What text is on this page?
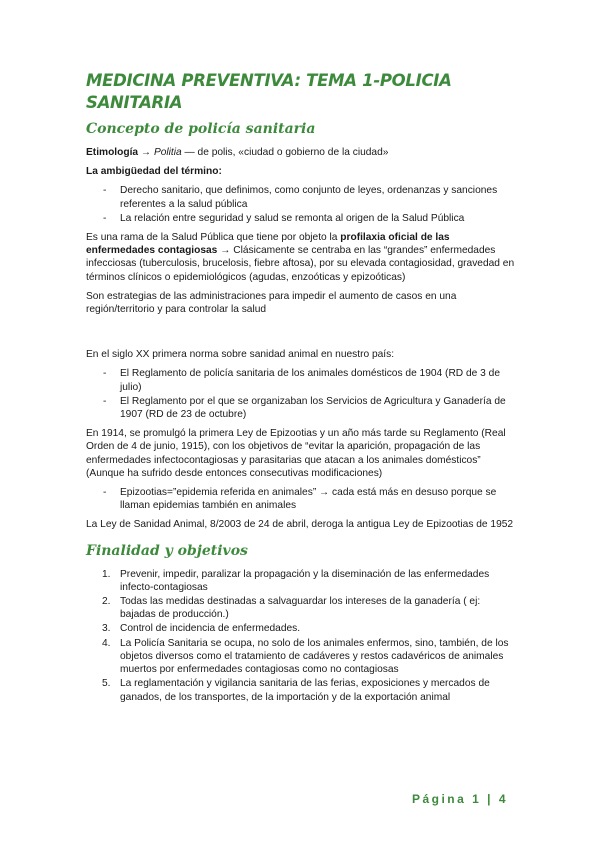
MEDICINA PREVENTIVA: TEMA 1-POLICIA SANITARIA
Concepto de policía sanitaria

Etimología → Politia — de polis, «ciudad o gobierno de la ciudad»

La ambigüedad del término:

- Derecho sanitario, que definimos, como conjunto de leyes, ordenanzas y sanciones referentes a la salud pública
- La relación entre seguridad y salud se remonta al origen de la Salud Pública

Es una rama de la Salud Pública que tiene por objeto la profilaxia oficial de las enfermedades contagiosas → Clásicamente se centraba en las “grandes” enfermedades infecciosas (tuberculosis, brucelosis, fiebre aftosa), por su elevada contagiosidad, gravedad en términos clínicos o epidemiológicos (agudas, enzoóticas y epizoóticas)

Son estrategias de las administraciones para impedir el aumento de casos en una región/territorio y para controlar la salud

En el siglo XX primera norma sobre sanidad animal en nuestro país:

- El Reglamento de policía sanitaria de los animales domésticos de 1904 (RD de 3 de julio)
- El Reglamento por el que se organizaban los Servicios de Agricultura y Ganadería de 1907 (RD de 23 de octubre)

En 1914, se promulgó la primera Ley de Epizootias y un año más tarde su Reglamento (Real Orden de 4 de junio, 1915), con los objetivos de “evitar la aparición, propagación de las enfermedades infectocontagiosas y parasitarias que atacan a los animales domésticos” (Aunque ha sufrido desde entonces consecutivas modificaciones)

- Epizootias=”epidemia referida en animales” → cada está más en desuso porque se llaman epidemias también en animales

La Ley de Sanidad Animal, 8/2003 de 24 de abril, deroga la antigua Ley de Epizootias de 1952

Finalidad y objetivos
1. Prevenir, impedir, paralizar la propagación y la diseminación de las enfermedades infecto-contagiosas
2. Todas las medidas destinadas a salvaguardar los intereses de la ganadería ( ej: bajadas de producción.)
3. Control de incidencia de enfermedades.
4. La Policía Sanitaria se ocupa, no solo de los animales enfermos, sino, también, de los objetos diversos como el tratamiento de cadáveres y restos cadavéricos de animales muertos por enfermedades contagiosas como no contagiosas
5. La reglamentación y vigilancia sanitaria de las ferias, exposiciones y mercados de ganados, de los transportes, de la importación y de la exportación animal
Página 1 | 4
